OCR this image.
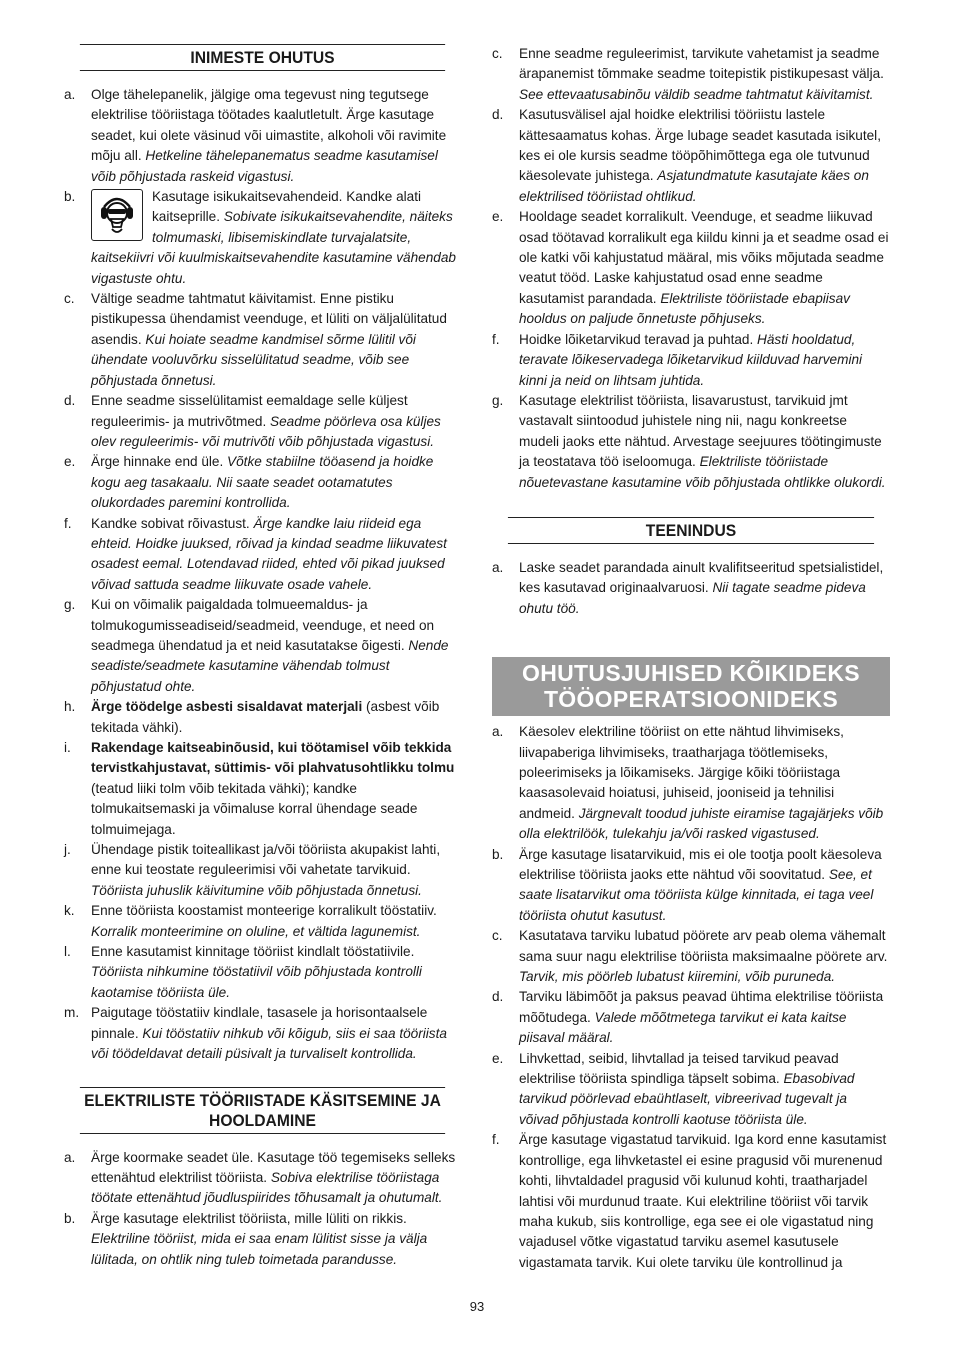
INIMESTE OHUTUS
a.	Olge tähelepanelik, jälgige oma tegevust ning tegutsege elektrilise tööriistaga töötades kaalutletult. Ärge kasutage seadet, kui olete väsinud või uimastite, alkoholi või ravimite mõju all. Hetkeline tähelepanematus seadme kasutamisel võib põhjustada raskeid vigastusi.
b.	Kasutage isikukaitsevahendeid. Kandke alati kaitseprille. Sobivate isikukaitsevahendite, näiteks tolmumaski, libisemiskindlate turvajalatsite, kaitsekiivri või kuulmiskaitsevahendite kasutamine vähendab vigastuste ohtu.
c.	Vältige seadme tahtmatut käivitamist. Enne pistiku pistikupessa ühendamist veenduge, et lüliti on väljalülitatud asendis. Kui hoiate seadme kandmisel sõrme lülitil või ühendate vooluvõrku sisselülitatud seadme, võib see põhjustada õnnetusi.
d.	Enne seadme sisselülitamist eemaldage selle küljest reguleerimis- ja mutrivõtmed. Seadme pöörleva osa küljes olev reguleerimis- või mutrivõti võib põhjustada vigastusi.
e.	Ärge hinnake end üle. Võtke stabiilne tööasend ja hoidke kogu aeg tasakaalu. Nii saate seadet ootamatutes olukordades paremini kontrollida.
f.	Kandke sobivat rõivastust. Ärge kandke laiu riideid ega ehteid. Hoidke juuksed, rõivad ja kindad seadme liikuvatest osadest eemal. Lotendavad riided, ehted või pikad juuksed võivad sattuda seadme liikuvate osade vahele.
g.	Kui on võimalik paigaldada tolmueemaldus- ja tolmukogumisseadiseid/seadmeid, veenduge, et need on seadmega ühendatud ja et neid kasutatakse õigesti. Nende seadiste/seadmete kasutamine vähendab tolmust põhjustatud ohte.
h.	Ärge töödelge asbesti sisaldavat materjali (asbest võib tekitada vähki).
i.	Rakendage kaitseabinõusid, kui töötamisel võib tekkida tervistkahjustavat, süttimis- või plahvatusohtlikku tolmu (teatud liiki tolm võib tekitada vähki); kandke tolmukaitsemaski ja võimaluse korral ühendage seade tolmuimejaga.
j.	Ühendage pistik toiteallikast ja/või tööriista akupakist lahti, enne kui teostate reguleerimisi või vahetate tarvikuid. Tööriista juhuslik käivitumine võib põhjustada õnnetusi.
k.	Enne tööriista koostamist monteerige korralikult tööstatiiv. Korralik monteerimine on oluline, et vältida lagunemist.
l.	Enne kasutamist kinnitage tööriist kindlalt tööstatiivile. Tööriista nihkumine tööstatiivil võib põhjustada kontrolli kaotamise tööriista üle.
m. Paigutage tööstatiiv kindlale, tasasele ja horisontaalsele pinnale. Kui tööstatiiv nihkub või kõigub, siis ei saa tööriista või töödeldavat detaili püsivalt ja turvaliselt kontrollida.
ELEKTRILISTE TÖÖRIISTADE KÄSITSEMINE JA HOOLDAMINE
a.	Ärge koormake seadet üle. Kasutage töö tegemiseks selleks ettenähtud elektrilist tööriista. Sobiva elektrilise tööriistaga töötate ettenähtud jõudluspiirides tõhusamalt ja ohutumalt.
b.	Ärge kasutage elektrilist tööriista, mille lüliti on rikkis. Elektriline tööriist, mida ei saa enam lülitist sisse ja välja lülitada, on ohtlik ning tuleb toimetada parandusse.
c.	Enne seadme reguleerimist, tarvikute vahetamist ja seadme ärapanemist tõmmake seadme toitepistik pistikupesast välja. See ettevaatusabinõu väldib seadme tahtmatut käivitamist.
d.	Kasutusvälisel ajal hoidke elektrilisi tööriistu lastele kättesaamatus kohas. Ärge lubage seadet kasutada isikutel, kes ei ole kursis seadme tööpõhimõttega ega ole tutvunud käesolevate juhistega. Asjatundmatute kasutajate käes on elektrilised tööriistad ohtlikud.
e.	Hooldage seadet korralikult. Veenduge, et seadme liikuvad osad töötavad korralikult ega kiildu kinni ja et seadme osad ei ole katki või kahjustatud määral, mis võiks mõjutada seadme veatut tööd. Laske kahjustatud osad enne seadme kasutamist parandada. Elektriliste tööriistade ebapiisav hooldus on paljude õnnetuste põhjuseks.
f.	Hoidke lõiketarvikud teravad ja puhtad. Hästi hooldatud, teravate lõikeservadega lõiketarvikud kiilduvad harvemini kinni ja neid on lihtsam juhtida.
g.	Kasutage elektrilist tööriista, lisavarustust, tarvikuid jmt vastavalt siintoodud juhistele ning nii, nagu konkreetse mudeli jaoks ette nähtud. Arvestage seejuures töötingimuste ja teostatava töö iseloomuga. Elektriliste tööriistade nõuetevastane kasutamine võib põhjustada ohtlikke olukordi.
TEENINDUS
a.	Laske seadet parandada ainult kvalifitseeritud spetsialistidel, kes kasutavad originaalvaruosi. Nii tagate seadme pideva ohutu töö.
OHUTUSJUHISED KÕIKIDEKS
TÖÖOPERATSIOONIDEKS
a.	Käesolev elektriline tööriist on ette nähtud lihvimiseks, liivapaberiga lihvimiseks, traatharjaga töötlemiseks, poleerimiseks ja lõikamiseks. Järgige kõiki tööriistaga kaasasolevaid hoiatusi, juhiseid, jooniseid ja tehnilisi andmeid. Järgnevalt toodud juhiste eiramise tagajärjeks võib olla elektrilöök, tulekahju ja/või rasked vigastused.
b.	Ärge kasutage lisatarvikuid, mis ei ole tootja poolt käesoleva elektrilise tööriista jaoks ette nähtud või soovitatud. See, et saate lisatarvikut oma tööriista külge kinnitada, ei taga veel tööriista ohutut kasutust.
c.	Kasutatava tarviku lubatud pöörete arv peab olema vähemalt sama suur nagu elektrilise tööriista maksimaalne pöörete arv. Tarvik, mis pöörleb lubatust kiiremini, võib puruneda.
d.	Tarviku läbimõõt ja paksus peavad ühtima elektrilise tööriista mõõtudega. Valede mõõtmetega tarvikut ei kata kaitse piisaval määral.
e.	Lihvkettad, seibid, lihvtallad ja teised tarvikud peavad elektrilise tööriista spindliga täpselt sobima. Ebasobivad tarvikud pöörlevad ebaühtlaselt, vibreerivad tugevalt ja võivad põhjustada kontrolli kaotuse tööriista üle.
f.	Ärge kasutage vigastatud tarvikuid. Iga kord enne kasutamist kontrollige, ega lihvketastel ei esine pragusid või murenenud kohti, lihvtaldadel pragusid või kulunud kohti, traatharjadel lahtisi või murdunud traate. Kui elektriline tööriist või tarvik maha kukub, siis kontrollige, ega see ei ole vigastatud ning vajadusel võtke vigastatud tarviku asemel kasutusele vigastamata tarvik. Kui olete tarviku üle kontrollinud ja
93
